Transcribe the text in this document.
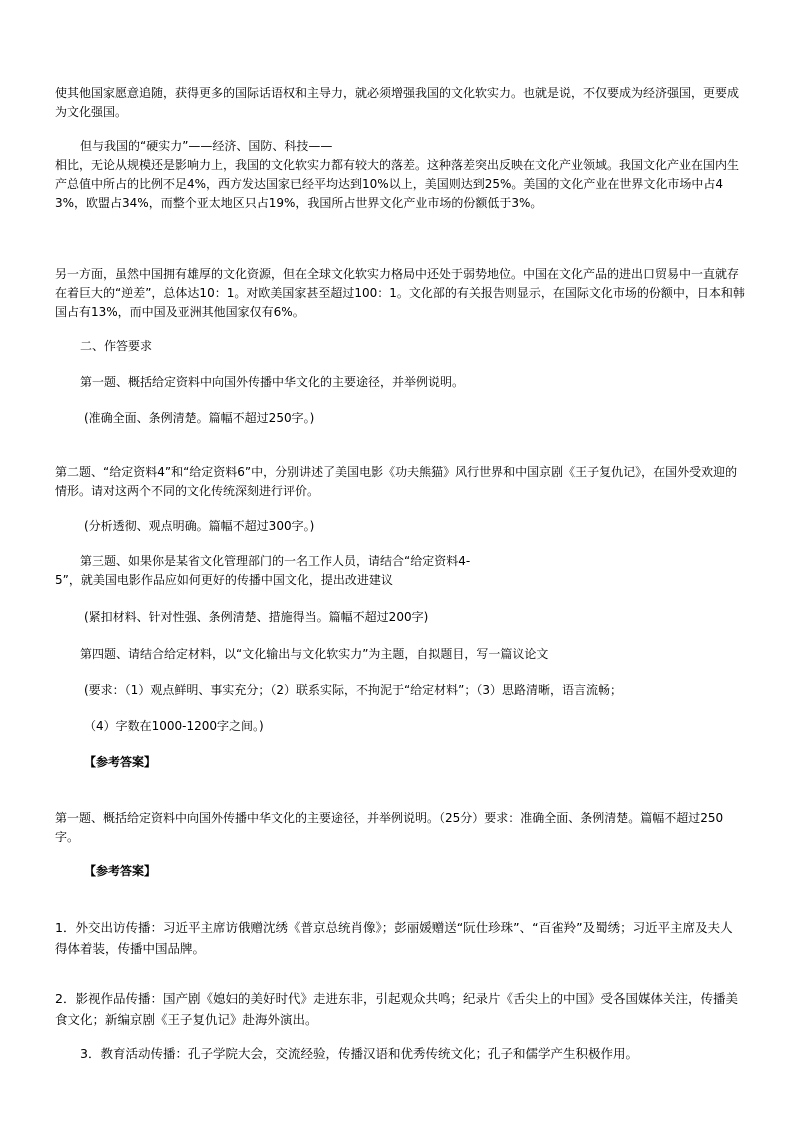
使其他国家愿意追随，获得更多的国际话语权和主导力，就必须增强我国的文化软实力。也就是说，不仅要成为经济强国，更要成为文化强国。
但与我国的“硬实力”——经济、国防、科技——
相比，无论从规模还是影响力上，我国的文化软实力都有较大的落差。这种落差突出反映在文化产业领域。我国文化产业在国内生产总值中所占的比例不足4%，西方发达国家已经平均达到10%以上，美国则达到25%。美国的文化产业在世界文化市场中占43%，欧盟占34%，而整个亚太地区只占19%，我国所占世界文化产业市场的份额低于3%。
另一方面，虽然中国拥有雄厚的文化资源，但在全球文化软实力格局中还处于弱势地位。中国在文化产品的进出口贸易中一直就存在着巨大的“逆差”，总体达10：1。对欧美国家甚至超过100：1。文化部的有关报告则显示，在国际文化市场的份额中，日本和韩国占有13%，而中国及亚洲其他国家仅有6%。
二、作答要求
第一题、概括给定资料中向国外传播中华文化的主要途径，并举例说明。
(准确全面、条例清楚。篇幅不超过250字。)
第二题、“给定资料4”和“给定资料6”中，分别讲述了美国电影《功夫熊猫》风行世界和中国京剧《王子复仇记》，在国外受欢迎的情形。请对这两个不同的文化传统深刻进行评价。
(分析透彻、观点明确。篇幅不超过300字。)
第三题、如果你是某省文化管理部门的一名工作人员，请结合“给定资料4-
5”，就美国电影作品应如何更好的传播中国文化，提出改进建议
(紧扣材料、针对性强、条例清楚、措施得当。篇幅不超过200字)
第四题、请结合给定材料，以“文化输出与文化软实力”为主题，自拟题目，写一篇议论文
(要求：（1）观点鲜明、事实充分；（2）联系实际，不拘泥于“给定材料”；（3）思路清晰，语言流畅；
（4）字数在1000-1200字之间。)
【参考答案】
第一题、概括给定资料中向国外传播中华文化的主要途径，并举例说明。（25分）要求：准确全面、条例清楚。篇幅不超过250字。
【参考答案】
1．外交出访传播：习近平主席访俄赠沈绣《普京总统肖像》；彭丽媛赠送“阮仕珍珠”、“百雀羚”及蜀绣；习近平主席及夫人得体着装，传播中国品牌。
2．影视作品传播：国产剧《媳妇的美好时代》走进东非，引起观众共鸣；纪录片《舌尖上的中国》受各国媒体关注，传播美食文化；新编京剧《王子复仇记》赴海外演出。
3．教育活动传播：孔子学院大会，交流经验，传播汉语和优秀传统文化；孔子和儒学产生积极作用。
